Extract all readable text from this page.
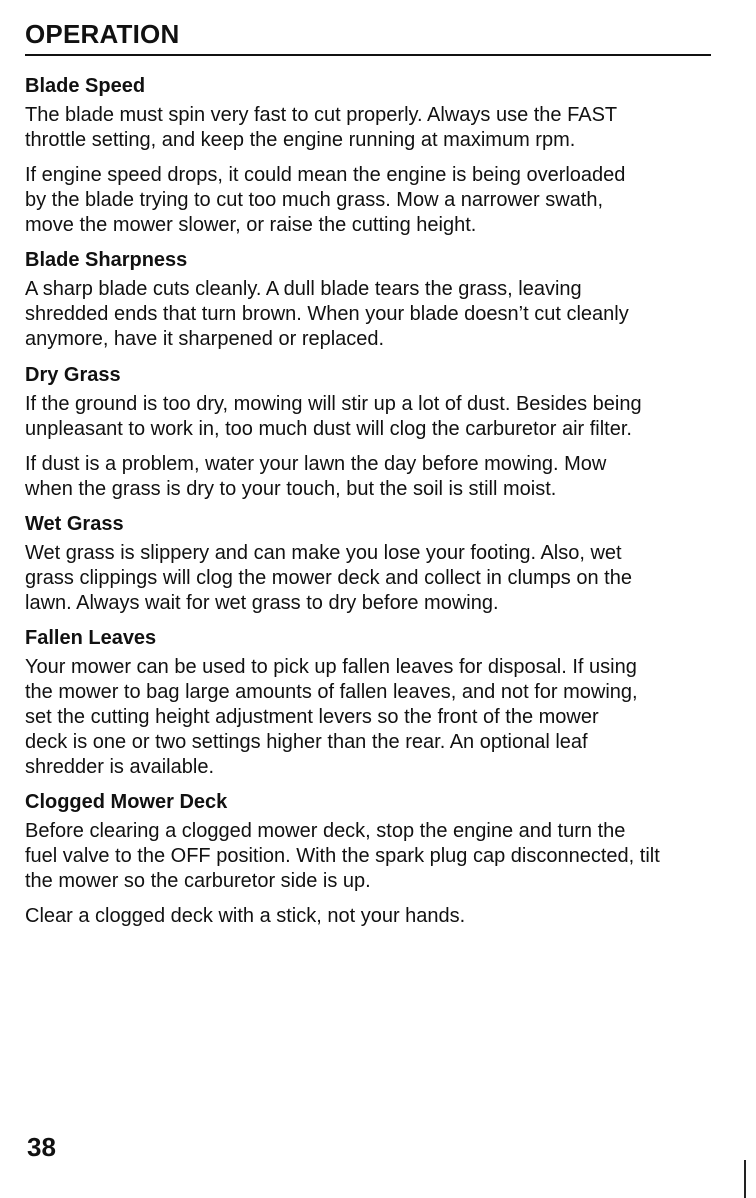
OPERATION
Blade Speed

The blade must spin very fast to cut properly. Always use the FAST
throttle setting, and keep the engine running at maximum rpm.

If engine speed drops, it could mean the engine is being overloaded
by the blade trying to cut too much grass. Mow a narrower swath,
move the mower slower, or raise the cutting height.

Blade Sharpness

A sharp blade cuts cleanly. A dull blade tears the grass, leaving
shredded ends that turn brown. When your blade doesn’t cut cleanly
anymore, have it sharpened or replaced.

Dry Grass

If the ground is too dry, mowing will stir up a lot of dust. Besides being
unpleasant to work in, too much dust will clog the carburetor air filter.

If dust is a problem, water your lawn the day before mowing. Mow
when the grass is dry to your touch, but the soil is still moist.

Wet Grass

Wet grass is slippery and can make you lose your footing. Also, wet
grass clippings will clog the mower deck and collect in clumps on the
lawn. Always wait for wet grass to dry before mowing.

Fallen Leaves

Your mower can be used to pick up fallen leaves for disposal. If using
the mower to bag large amounts of fallen leaves, and not for mowing,
set the cutting height adjustment levers so the front of the mower
deck is one or two settings higher than the rear. An optional leaf
shredder is available.

Clogged Mower Deck

Before clearing a clogged mower deck, stop the engine and turn the
fuel valve to the OFF position. With the spark plug cap disconnected, tilt
the mower so the carburetor side is up.

Clear a clogged deck with a stick, not your hands.

38
